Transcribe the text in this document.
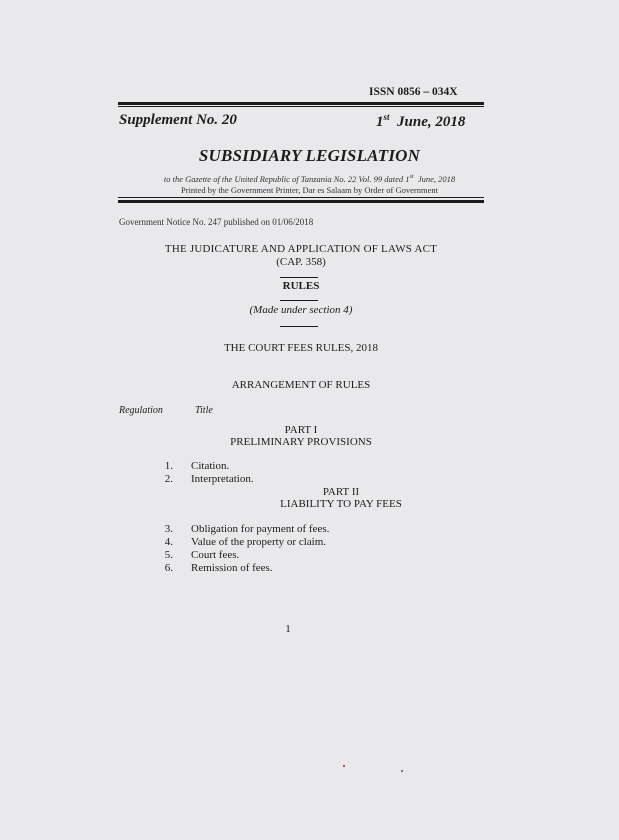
ISSN 0856 – 034X
Supplement No. 20	1st June, 2018
SUBSIDIARY LEGISLATION
to the Gazette of the United Republic of Tanzania No. 22 Vol. 99 dated 1st June, 2018
Printed by the Government Printer, Dar es Salaam by Order of Government
Government Notice No. 247 published on 01/06/2018
THE JUDICATURE AND APPLICATION OF LAWS ACT
(CAP. 358)
RULES
(Made under section 4)
THE COURT FEES RULES, 2018
ARRANGEMENT OF RULES
Regulation	Title
PART I
PRELIMINARY PROVISIONS
1. Citation.
2. Interpretation.
PART II
LIABILITY TO PAY FEES
3. Obligation for payment of fees.
4. Value of the property or claim.
5. Court fees.
6. Remission of fees.
1
